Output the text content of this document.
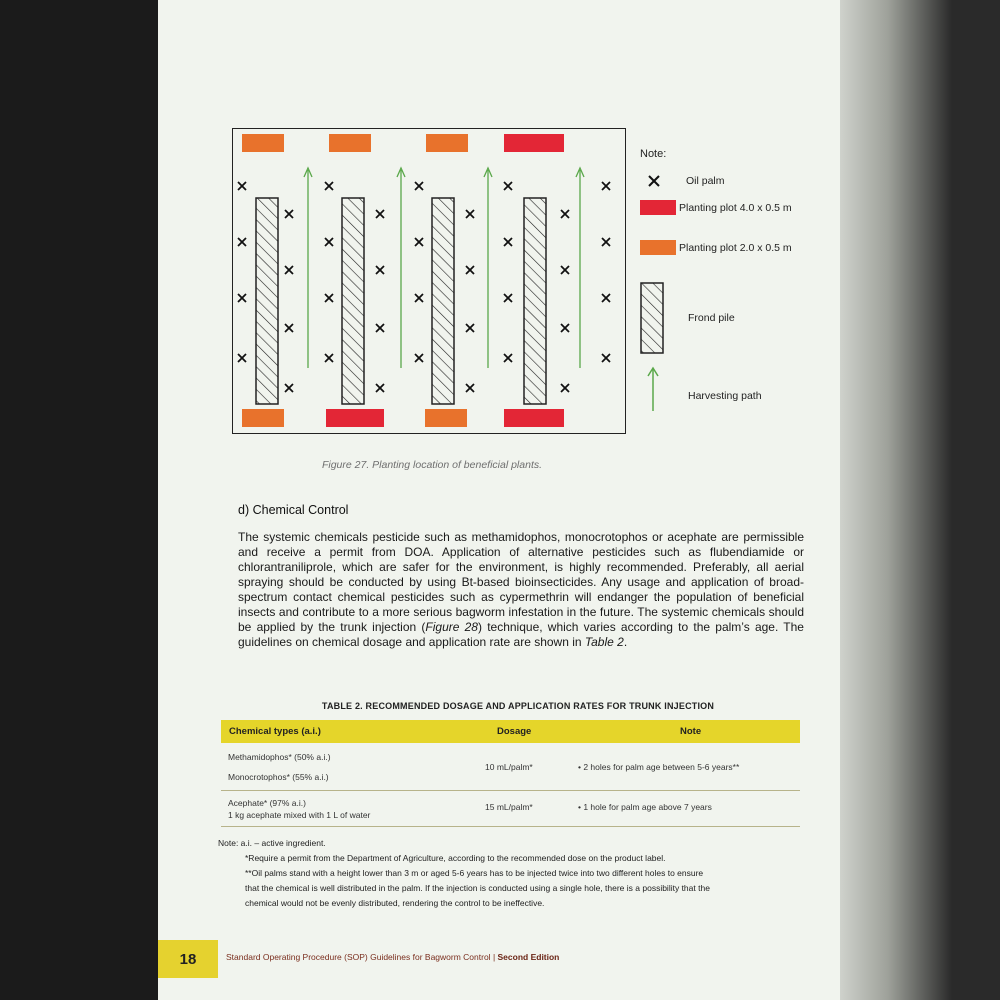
Note:
Oil palm
Planting plot 4.0 x 0.5 m
Planting plot 2.0 x 0.5 m
Frond pile
Harvesting path
Figure 27. Planting location of beneficial plants.
d) Chemical Control

The systemic chemicals pesticide such as methamidophos, monocrotophos or acephate are permissible and receive a permit from DOA. Application of alternative pesticides such as flubendiamide or chlorantraniliprole, which are safer for the environment, is highly recommended. Preferably, all aerial spraying should be conducted by using Bt-based bioinsecticides. Any usage and application of broad-spectrum contact chemical pesticides such as cypermethrin will endanger the population of beneficial insects and contribute to a more serious bagworm infestation in the future. The systemic chemicals should be applied by the trunk injection (Figure 28) technique, which varies according to the palm’s age. The guidelines on chemical dosage and application rate are shown in Table 2.

TABLE 2. RECOMMENDED DOSAGE AND APPLICATION RATES FOR TRUNK INJECTION
Chemical types (a.i.)	Dosage	Note
Methamidophos* (50% a.i.)
Monocrotophos* (55% a.i.)
10 mL/palm*	• 2 holes for palm age between 5-6 years**
Acephate* (97% a.i.)
1 kg acephate mixed with 1 L of water
15 mL/palm*	• 1 hole for palm age above 7 years
Note: a.i. – active ingredient.
*Require a permit from the Department of Agriculture, according to the recommended dose on the product label.
**Oil palms stand with a height lower than 3 m or aged 5-6 years has to be injected twice into two different holes to ensure
that the chemical is well distributed in the palm. If the injection is conducted using a single hole, there is a possibility that the
chemical would not be evenly distributed, rendering the control to be ineffective.
18	Standard Operating Procedure (SOP) Guidelines for Bagworm Control | Second Edition
